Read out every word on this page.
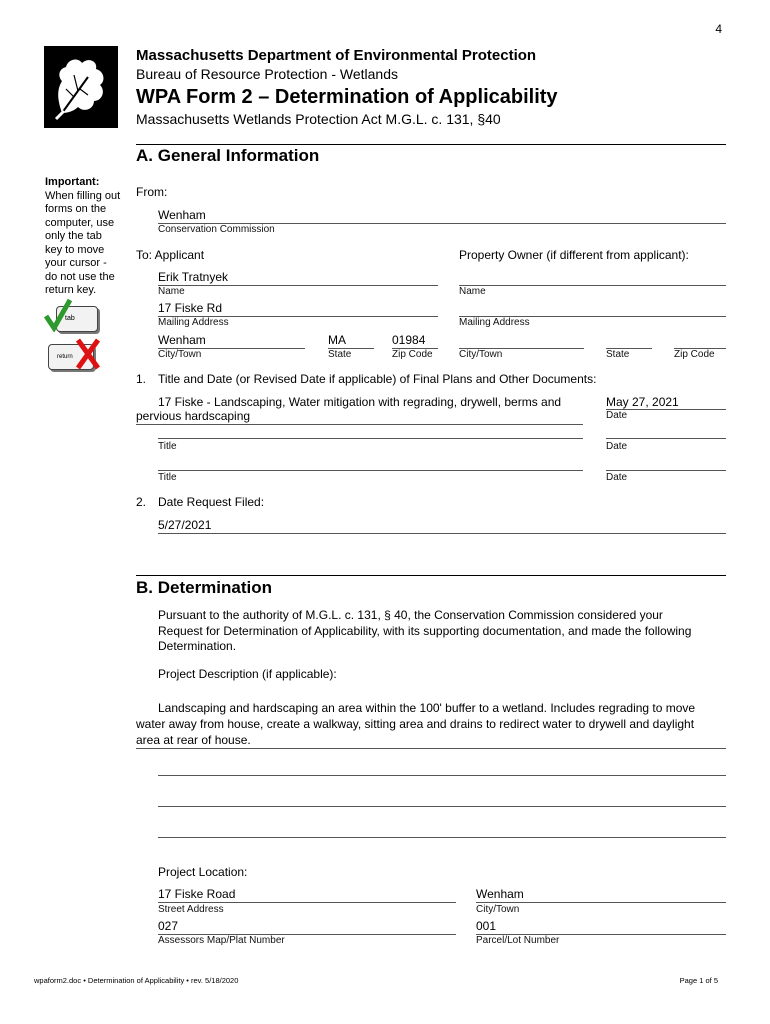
4
Massachusetts Department of Environmental Protection
Bureau of Resource Protection - Wetlands
WPA Form 2 – Determination of Applicability
Massachusetts Wetlands Protection Act M.G.L. c. 131, §40
A. General Information
Important:
When filling out
forms on the
computer, use
only the tab
key to move
your cursor -
do not use the
return key.
tab
return
From:
Wenham
Conservation Commission
To: Applicant	Property Owner (if different from applicant):
Erik Tratnyek
Name	Name
17 Fiske Rd
Mailing Address	Mailing Address
Wenham
City/Town
MA
State
01984
Zip Code	City/Town	State	Zip Code
1. Title and Date (or Revised Date if applicable) of Final Plans and Other Documents:
17 Fiske - Landscaping, Water mitigation with regrading, drywell, berms and
pervious hardscaping
May 27, 2021
Date
Title	Date
Title	Date
2. Date Request Filed:
5/27/2021
B. Determination
Pursuant to the authority of M.G.L. c. 131, § 40, the Conservation Commission considered your
Request for Determination of Applicability, with its supporting documentation, and made the following
Determination.
Project Description (if applicable):
Landscaping and hardscaping an area within the 100' buffer to a wetland. Includes regrading to move
water away from house, create a walkway, sitting area and drains to redirect water to drywell and daylight
area at rear of house.
Project Location:
17 Fiske Road
Street Address
Wenham
City/Town
027
Assessors Map/Plat Number
001
Parcel/Lot Number
wpaform2.doc • Determination of Applicability • rev. 5/18/2020	Page 1 of 5
